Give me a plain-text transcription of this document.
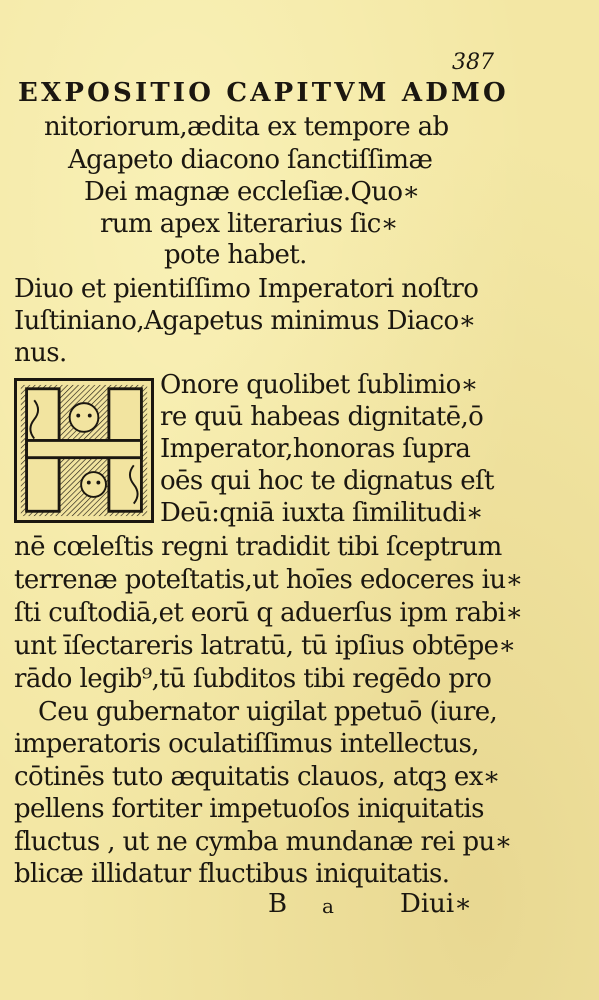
387
EXPOSITIO CAPITVM ADMO
nitoriorum,ædita ex tempore ab
Agapeto diacono ſanctiſſimæ
Dei magnæ eccleſiæ.Quo∗
rum apex literarius ſic∗
pote habet.
Diuo et pientiſſimo Imperatori noſtro
Iuſtiniano,Agapetus minimus Diaco∗
nus.
Onore quolibet ſublimio∗
re quū habeas dignitatē,ō
Imperator,honoras ſupra
oēs qui hoc te dignatus eſt
Deū:qniā iuxta ſimilitudi∗
nē cœleſtis regni tradidit tibi ſceptrum
terrenæ poteſtatis,ut hoīes edoceres iu∗
ſti cuſtodiā,et eorū q aduerſus ipm rabi∗
unt īſectareris latratū, tū ipſius obtēpe∗
rādo legib⁹,tū ſubditos tibi regēdo pro
Ceu gubernator uigilat ppetuō (iure,
imperatoris oculatiſſimus intellectus,
cōtinēs tuto æquitatis clauos, atqꝫ ex∗
pellens fortiter impetuoſos iniquitatis
fluctus , ut ne cymba mundanæ rei pu∗
blicæ illidatur fluctibus iniquitatis.
B a	Diui∗
